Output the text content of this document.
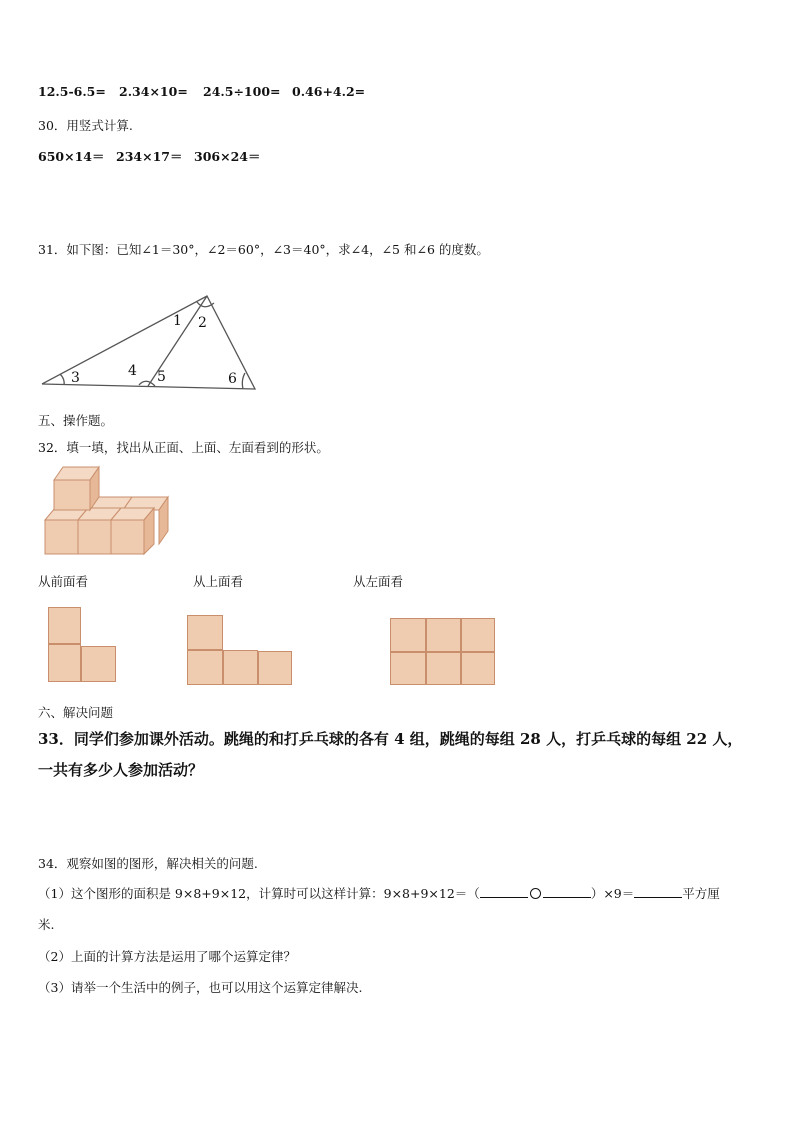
12.5-6.5= 2.34×10= 24.5÷100= 0.46+4.2=
30．用竖式计算.
650×14＝ 234×17＝ 306×24＝
31．如下图：已知∠1＝30°，∠2＝60°，∠3＝40°，求∠4，∠5 和∠6 的度数。
1 2
3	4 5	6
五、操作题。
32．填一填，找出从正面、上面、左面看到的形状。
从前面看	从上面看	从左面看
六、解决问题
33．同学们参加课外活动。跳绳的和打乒乓球的各有 4 组，跳绳的每组 28 人，打乒乓球的每组 22 人，
一共有多少人参加活动？
34．观察如图的图形，解决相关的问题.
（1）这个图形的面积是 9×8+9×12，计算时可以这样计算：9×8+9×12＝（	）×9＝	平方厘
米.
（2）上面的计算方法是运用了哪个运算定律？
（3）请举一个生活中的例子，也可以用这个运算定律解决.
